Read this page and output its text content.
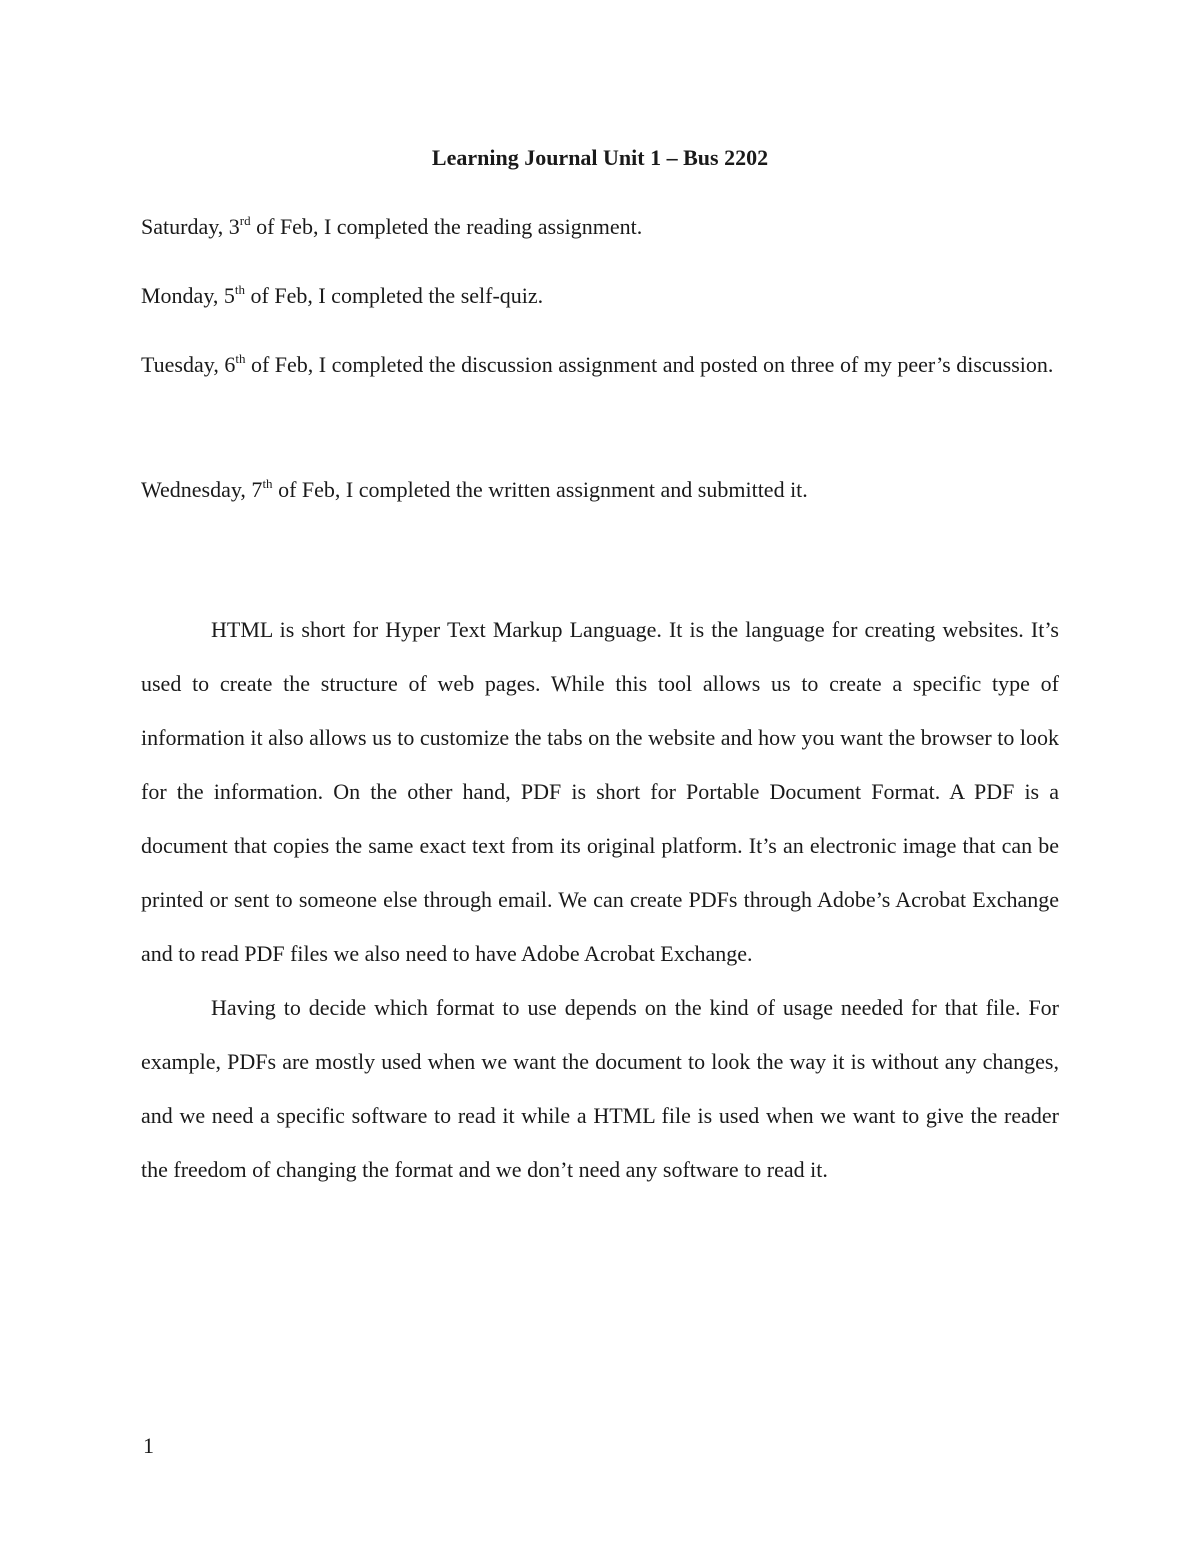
Learning Journal Unit 1 – Bus 2202
Saturday, 3rd of Feb, I completed the reading assignment.
Monday, 5th of Feb, I completed the self-quiz.
Tuesday, 6th of Feb, I completed the discussion assignment and posted on three of my peer’s discussion.
Wednesday, 7th of Feb, I completed the written assignment and submitted it.

HTML is short for Hyper Text Markup Language. It is the language for creating websites. It’s used to create the structure of web pages. While this tool allows us to create a specific type of information it also allows us to customize the tabs on the website and how you want the browser to look for the information. On the other hand, PDF is short for Portable Document Format. A PDF is a document that copies the same exact text from its original platform. It’s an electronic image that can be printed or sent to someone else through email. We can create PDFs through Adobe’s Acrobat Exchange and to read PDF files we also need to have Adobe Acrobat Exchange.

Having to decide which format to use depends on the kind of usage needed for that file. For example, PDFs are mostly used when we want the document to look the way it is without any changes, and we need a specific software to read it while a HTML file is used when we want to give the reader the freedom of changing the format and we don’t need any software to read it.

1
